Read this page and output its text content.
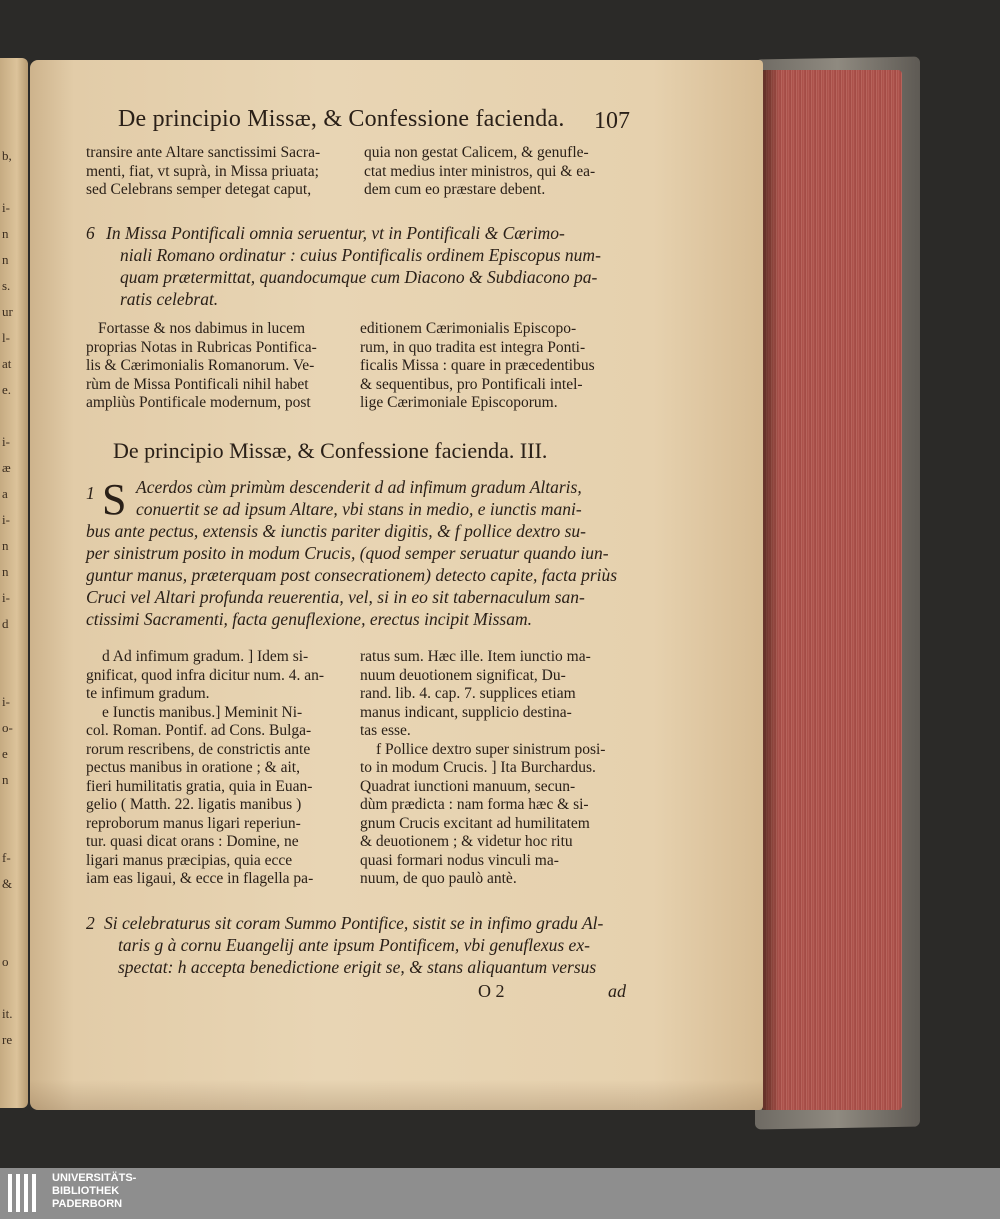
b,
i-
n
n
s.
ur
l-
at
e.
i-
æ
a
i-
n
n
i-
d
i-
o-
e
n
f-
&
o
it.
re
De principio Missæ, & Confessione facienda. 107
transire ante Altare sanctissimi Sacra-
menti, fiat, vt suprà, in Missa priuata;
sed Celebrans semper detegat caput,
quia non gestat Calicem, & genufle-
ctat medius inter ministros, qui & ea-
dem cum eo præstare debent.
6 In Missa Pontificali omnia seruentur, vt in Pontificali & Cærimo-
niali Romano ordinatur : cuius Pontificalis ordinem Episcopus num-
quam prætermittat, quandocumque cum Diacono & Subdiacono pa-
ratis celebrat.
Fortasse & nos dabimus in lucem
proprias Notas in Rubricas Pontifica-
lis & Cærimonialis Romanorum. Ve-
rùm de Missa Pontificali nihil habet
ampliùs Pontificale modernum, post
editionem Cærimonialis Episcopo-
rum, in quo tradita est integra Ponti-
ficalis Missa : quare in præcedentibus
& sequentibus, pro Pontificali intel-
lige Cærimoniale Episcoporum.
De principio Missæ, & Confessione facienda. III.
1 S Acerdos cùm primùm descenderit d ad infimum gradum Altaris,
conuertit se ad ipsum Altare, vbi stans in medio, e iunctis mani-
bus ante pectus, extensis & iunctis pariter digitis, & f pollice dextro su-
per sinistrum posito in modum Crucis, (quod semper seruatur quando iun-
guntur manus, præterquam post consecrationem) detecto capite, facta priùs
Cruci vel Altari profunda reuerentia, vel, si in eo sit tabernaculum san-
ctissimi Sacramenti, facta genuflexione, erectus incipit Missam.
d Ad infimum gradum. ] Idem si-
gnificat, quod infra dicitur num. 4. an-
te infimum gradum.
e Iunctis manibus.] Meminit Ni-
col. Roman. Pontif. ad Cons. Bulga-
rorum rescribens, de constrictis ante
pectus manibus in oratione ; & ait,
fieri humilitatis gratia, quia in Euan-
gelio ( Matth. 22. ligatis manibus )
reproborum manus ligari reperiun-
tur. quasi dicat orans : Domine, ne
ligari manus præcipias, quia ecce
iam eas ligaui, & ecce in flagella pa-
ratus sum. Hæc ille. Item iunctio ma-
nuum deuotionem significat, Du-
rand. lib. 4. cap. 7. supplices etiam
manus indicant, supplicio destina-
tas esse.
f Pollice dextro super sinistrum posi-
to in modum Crucis. ] Ita Burchardus.
Quadrat iunctioni manuum, secun-
dùm prædicta : nam forma hæc & si-
gnum Crucis excitant ad humilitatem
& deuotionem ; & videtur hoc ritu
quasi formari nodus vinculi ma-
nuum, de quo paulò antè.
2 Si celebraturus sit coram Summo Pontifice, sistit se in infimo gradu Al-
taris g à cornu Euangelij ante ipsum Pontificem, vbi genuflexus ex-
spectat: h accepta benedictione erigit se, & stans aliquantum versus
O 2	ad
UNIVERSITÄTS-
BIBLIOTHEK
PADERBORN
